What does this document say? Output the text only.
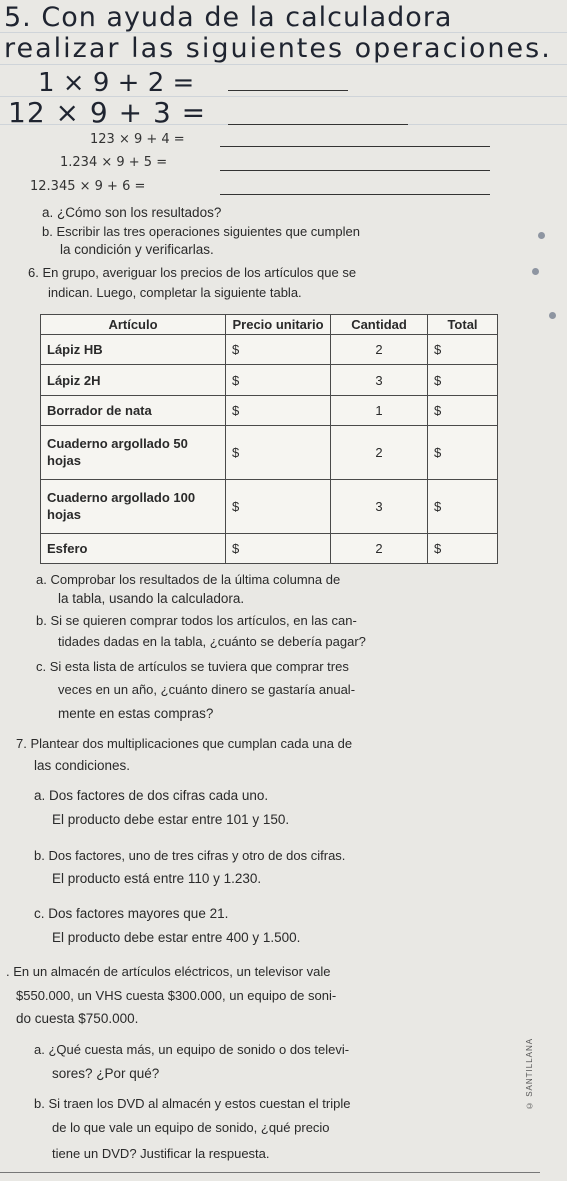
5. Con ayuda de la calculadora
realizar las siguientes operaciones.
1 × 9 + 2 =
12 × 9 + 3 =
123 × 9 + 4 =
1.234 × 9 + 5 =
12.345 × 9 + 6 =
a. ¿Cómo son los resultados?
b. Escribir las tres operaciones siguientes que cumplen
la condición y verificarlas.
6. En grupo, averiguar los precios de los artículos que se
indican. Luego, completar la siguiente tabla.
Artículo	Precio unitario	Cantidad	Total
Lápiz HB	$	2	$
Lápiz 2H	$	3	$
Borrador de nata	$	1	$
Cuaderno argollado 50 hojas	$	2	$
Cuaderno argollado 100 hojas	$	3	$
Esfero	$	2	$
a. Comprobar los resultados de la última columna de
la tabla, usando la calculadora.
b. Si se quieren comprar todos los artículos, en las can-
tidades dadas en la tabla, ¿cuánto se debería pagar?
c. Si esta lista de artículos se tuviera que comprar tres
veces en un año, ¿cuánto dinero se gastaría anual-
mente en estas compras?
7. Plantear dos multiplicaciones que cumplan cada una de
las condiciones.
a. Dos factores de dos cifras cada uno.
El producto debe estar entre 101 y 150.
b. Dos factores, uno de tres cifras y otro de dos cifras.
El producto está entre 110 y 1.230.
c. Dos factores mayores que 21.
El producto debe estar entre 400 y 1.500.
. En un almacén de artículos eléctricos, un televisor vale
$550.000, un VHS cuesta $300.000, un equipo de soni-
do cuesta $750.000.
a. ¿Qué cuesta más, un equipo de sonido o dos televi-
sores? ¿Por qué?
b. Si traen los DVD al almacén y estos cuestan el triple
de lo que vale un equipo de sonido, ¿qué precio
tiene un DVD? Justificar la respuesta.
© SANTILLANA
